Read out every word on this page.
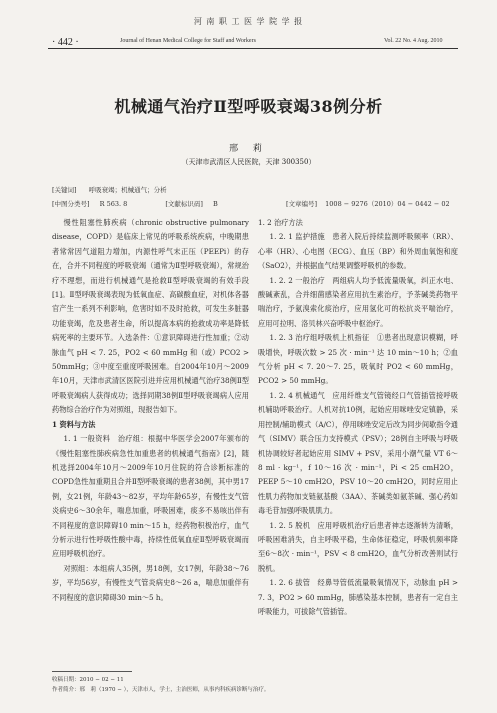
河 南 职 工 医 学 院 学 报
· 442 ·	Journal of Henan Medical College for Staff and Workers	Vol. 22 No. 4 Aug. 2010
机械通气治疗Ⅱ型呼吸衰竭38例分析
邢 莉
（天津市武清区人民医院，天津 300350）
[关键词] 呼吸衰竭；机械通气；分析
[中图分类号] R 563. 8	[文献标识码] B	[文章编号] 1008 − 9276（2010）04 − 0442 − 02

慢性阻塞性肺疾病（chronic obstructive pulmonary disease，COPD）是临床上常见的呼吸系统疾病，中晚期患者常常因气道阻力增加，内源性呼气末正压（PEEPi）的存在，合并不同程度的呼吸衰竭（通常为Ⅱ型呼吸衰竭），常规治疗不理想，而进行机械通气是抢救Ⅱ型呼吸衰竭的有效手段[1]。Ⅱ型呼吸衰竭表现为低氧血症、高碳酸血症，对机体各器官产生一系列不利影响，危害时如不及时抢救，可发生多脏器功能衰竭，危及患者生命，所以提高本病的抢救成功率是降低病死率的主要环节。入选条件：①意识障碍进行性加重；②动脉血气 pH < 7. 25，PO2 < 60 mmHg 和（或）PCO2 > 50mmHg；③中度至重度呼吸困难。自2004年10月～2009年10月，天津市武清区医院引进并应用机械通气治疗38例Ⅱ型呼吸衰竭病人获得成功；选择同期38例Ⅱ型呼吸衰竭病人应用药物综合治疗作为对照组，现报告如下。

1 资料与方法

1. 1 一般资料　 治疗组：根据中华医学会2007年颁布的《慢性阻塞性肺疾病急性加重患者的机械通气指南》[2]，随机选择2004年10月～2009年10月住院的符合诊断标准的COPD急性加重期且合并Ⅱ型呼吸衰竭的患者38例，其中男17例，女21例，年龄43～82岁，平均年龄65岁，有慢性支气管炎病史6～30余年，喘息加重，呼吸困难，痰多不易咳出伴有不同程度的意识障碍10 min～15 h，经药物积极治疗，血气分析示进行性呼吸性酸中毒，持续性低氧血症Ⅱ型呼吸衰竭而应用呼吸机治疗。

对照组：本组病人35例，男18例，女17例，年龄38～76岁，平均56岁，有慢性支气管炎病史8～26 a，喘息加重伴有不同程度的意识障碍30 min～5 h。

1. 2 治疗方法

1. 2. 1 监护措施　患者入院后持续监测呼吸频率（RR）、心率（HR）、心电图（ECG）、血压（BP）和外周血氧饱和度（SaO2），并根据血气结果调整呼吸机的参数。

1. 2. 2 一般治疗　两组病人均予低流量吸氧，纠正水电、酸碱紊乱，合并细菌感染者应用抗生素治疗，予茶碱类药物平喘治疗，予氨溴索化痰治疗，应用氢化可的松抗炎平喘治疗，应用可拉明、洛贝林兴奋呼吸中枢治疗。

1. 2. 3 治疗组呼吸机上机指征　①患者出现意识模糊，呼吸增快，呼吸次数 > 25 次 · min⁻¹ 达 10 min～10 h；②血气分析 pH < 7. 20～7. 25，吸氧时 PO2 < 60 mmHg，PCO2 > 50 mmHg。

1. 2. 4 机械通气　应用纤维支气管镜经口气管插管接呼吸机辅助呼吸治疗。人机对抗10例，起始应用咪唑安定镇静，采用控制/辅助模式（A/C），停用咪唑安定后改为同步间歇指令通气（SIMV）联合压力支持模式（PSV）；28例自主呼吸与呼吸机协调较好者起始应用 SIMV + PSV，采用小潮气量 VT 6～8 ml · kg⁻¹，f 10～16 次 · min⁻¹，Pi < 25 cmH2O，PEEP 5～10 cmH2O，PSV 10～20 cmH2O，同时应用止性肌力药物加支链氨基酸（3AA）、茶碱类如氨茶碱、强心药如毒毛苷加强呼吸肌肌力。

1. 2. 5 脱机　应用呼吸机治疗后患者神志逐渐转为清晰，呼吸困难消失，自主呼吸平稳，生命体征稳定，呼吸机频率降至6～8次 · min⁻¹，PSV < 8 cmH2O，血气分析改善则试行脱机。

1. 2. 6 拔管　经鼻导管低流量吸氧情况下，动脉血 pH > 7. 3，PO2 > 60 mmHg，肺感染基本控制，患者有一定自主呼吸能力，可拔除气管插管。

收稿日期：2010 − 02 − 11
作者简介：邢　莉（1970 − ），天津市人，学士，主治医师，从事内科疾病诊断与治疗。
